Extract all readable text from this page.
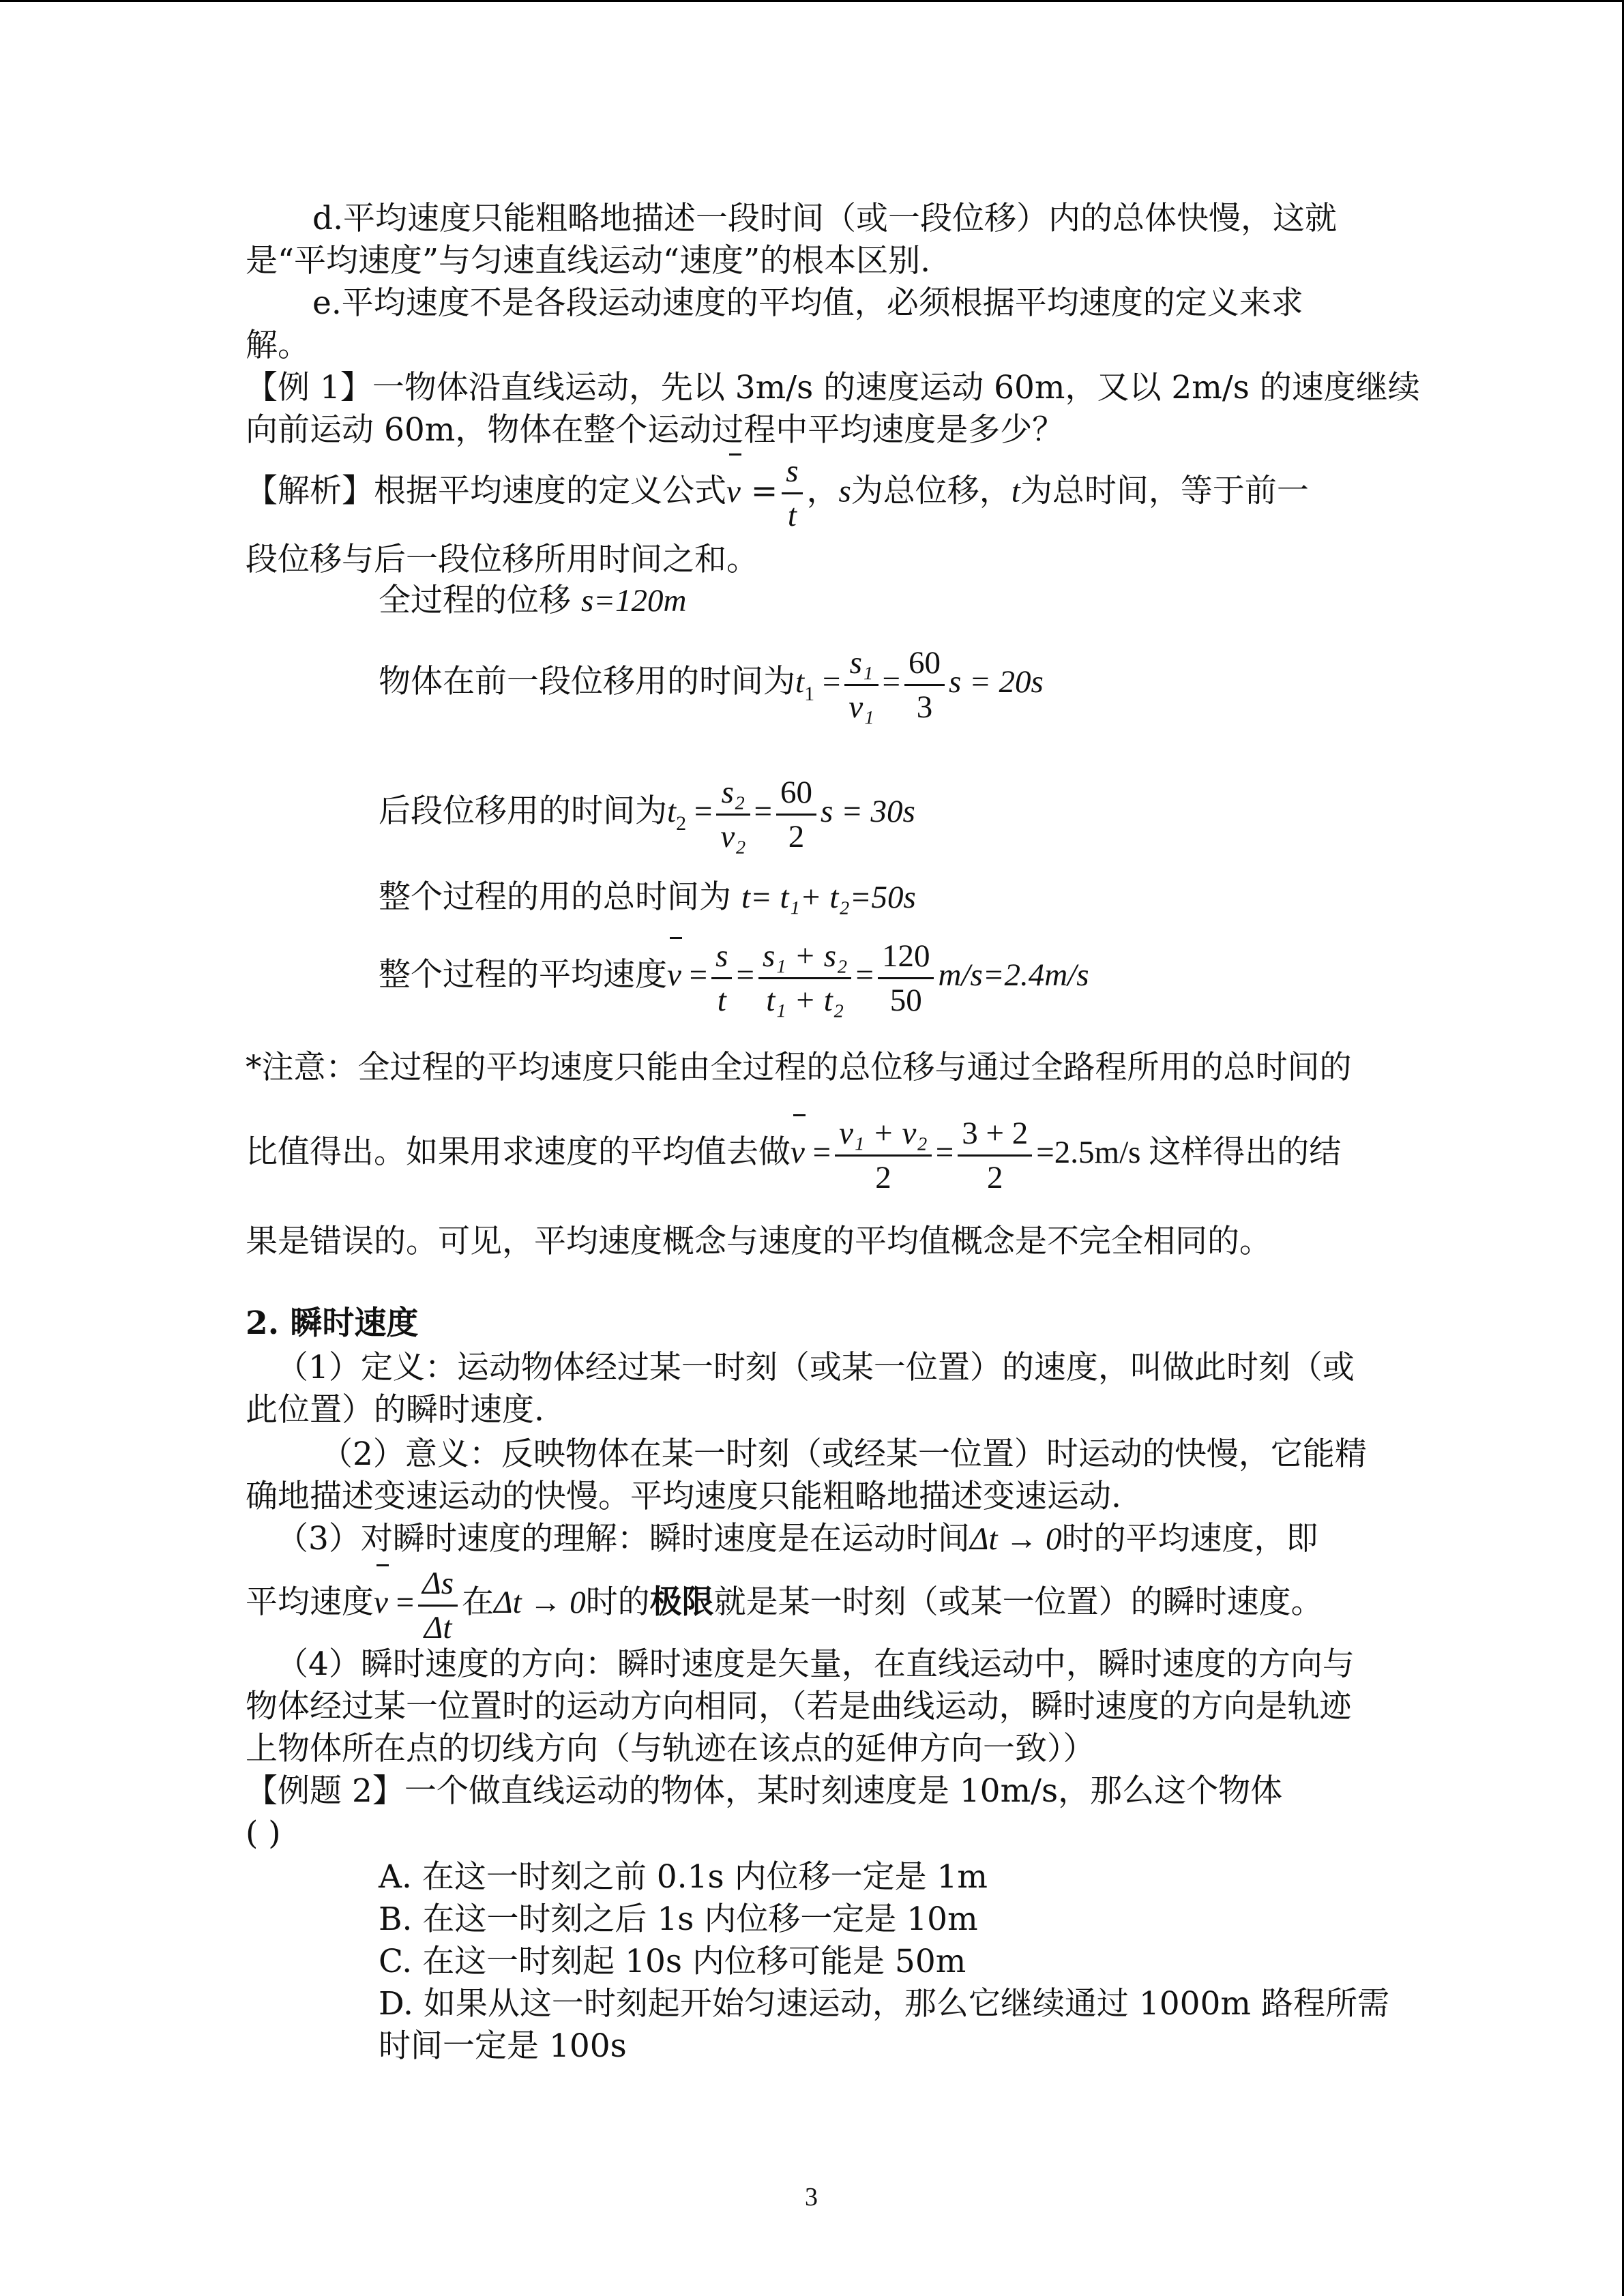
d.平均速度只能粗略地描述一段时间（或一段位移）内的总体快慢，这就
是“平均速度”与匀速直线运动“速度”的根本区别.
e.平均速度不是各段运动速度的平均值，必须根据平均速度的定义来求
解。
【例 1】一物体沿直线运动，先以 3m/s 的速度运动 60m，又以 2m/s 的速度继续
向前运动 60m，物体在整个运动过程中平均速度是多少？
【解析】根据平均速度的定义公式$v = \frac{s}{t}$ ，s为总位移，t为总时间，等于前一
段位移与后一段位移所用时间之和。
全过程的位移 s=120m
物体在前一段位移用的时间为$t_1 = \frac{\text{s₁}}{\text{v₁}} = \frac{60}{3}$ s = 20s
后段位移用的时间为$t_2 = \frac{\text{s₂}}{\text{v₂}} = \frac{60}{2}$ s = 30s
整个过程的用的总时间为 t= t₁+ t₂=50s
整个过程的平均速度$v = \frac{s}{t} = \frac{\text{s₁ + s₂}}{\text{t₁ + t₂}} = \frac{120}{50} m/s=2.4m/s$
*注意：全过程的平均速度只能由全过程的总位移与通过全路程所用的总时间的
比值得出。如果用求速度的平均值去做$v = \frac{\text{v₁ + v₂}}{2} = \frac{3 + 2}{2} =2.5m/s$ 这样得出的结
果是错误的。可见，平均速度概念与速度的平均值概念是不完全相同的。
2. 瞬时速度
（1）定义：运动物体经过某一时刻（或某一位置）的速度，叫做此时刻（或
此位置）的瞬时速度.
（2）意义：反映物体在某一时刻（或经某一位置）时运动的快慢，它能精
确地描述变速运动的快慢。平均速度只能粗略地描述变速运动.
（3）对瞬时速度的理解：瞬时速度是在运动时间Δt → 0时的平均速度，即
平均速度$v = \frac{\Delta s}{\Delta t}$ 在Δt → 0时的极限就是某一时刻（或某一位置）的瞬时速度。
（4）瞬时速度的方向：瞬时速度是矢量，在直线运动中，瞬时速度的方向与
物体经过某一位置时的运动方向相同，（若是曲线运动，瞬时速度的方向是轨迹
上物体所在点的切线方向（与轨迹在该点的延伸方向一致））
【例题 2】一个做直线运动的物体，某时刻速度是 10m/s，那么这个物体
( )
A. 在这一时刻之前 0.1s 内位移一定是 1m
B. 在这一时刻之后 1s 内位移一定是 10m
C. 在这一时刻起 10s 内位移可能是 50m
D. 如果从这一时刻起开始匀速运动，那么它继续通过 1000m 路程所需
时间一定是 100s
3
